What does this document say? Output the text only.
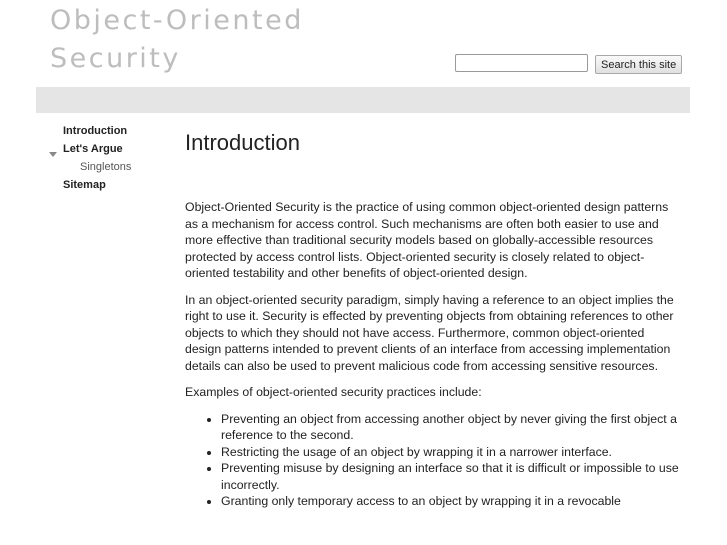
Object-Oriented
Security	Search this site
Introduction
Let's Argue
Singletons
Sitemap
Introduction

Object-Oriented Security is the practice of using common object-oriented design patterns as a mechanism for access control. Such mechanisms are often both easier to use and more effective than traditional security models based on globally-accessible resources protected by access control lists. Object-oriented security is closely related to object-oriented testability and other benefits of object-oriented design.

In an object-oriented security paradigm, simply having a reference to an object implies the right to use it. Security is effected by preventing objects from obtaining references to other objects to which they should not have access. Furthermore, common object-oriented design patterns intended to prevent clients of an interface from accessing implementation details can also be used to prevent malicious code from accessing sensitive resources.

Examples of object-oriented security practices include:

• Preventing an object from accessing another object by never giving the first object a reference to the second.
• Restricting the usage of an object by wrapping it in a narrower interface.
• Preventing misuse by designing an interface so that it is difficult or impossible to use incorrectly.
• Granting only temporary access to an object by wrapping it in a revocable
